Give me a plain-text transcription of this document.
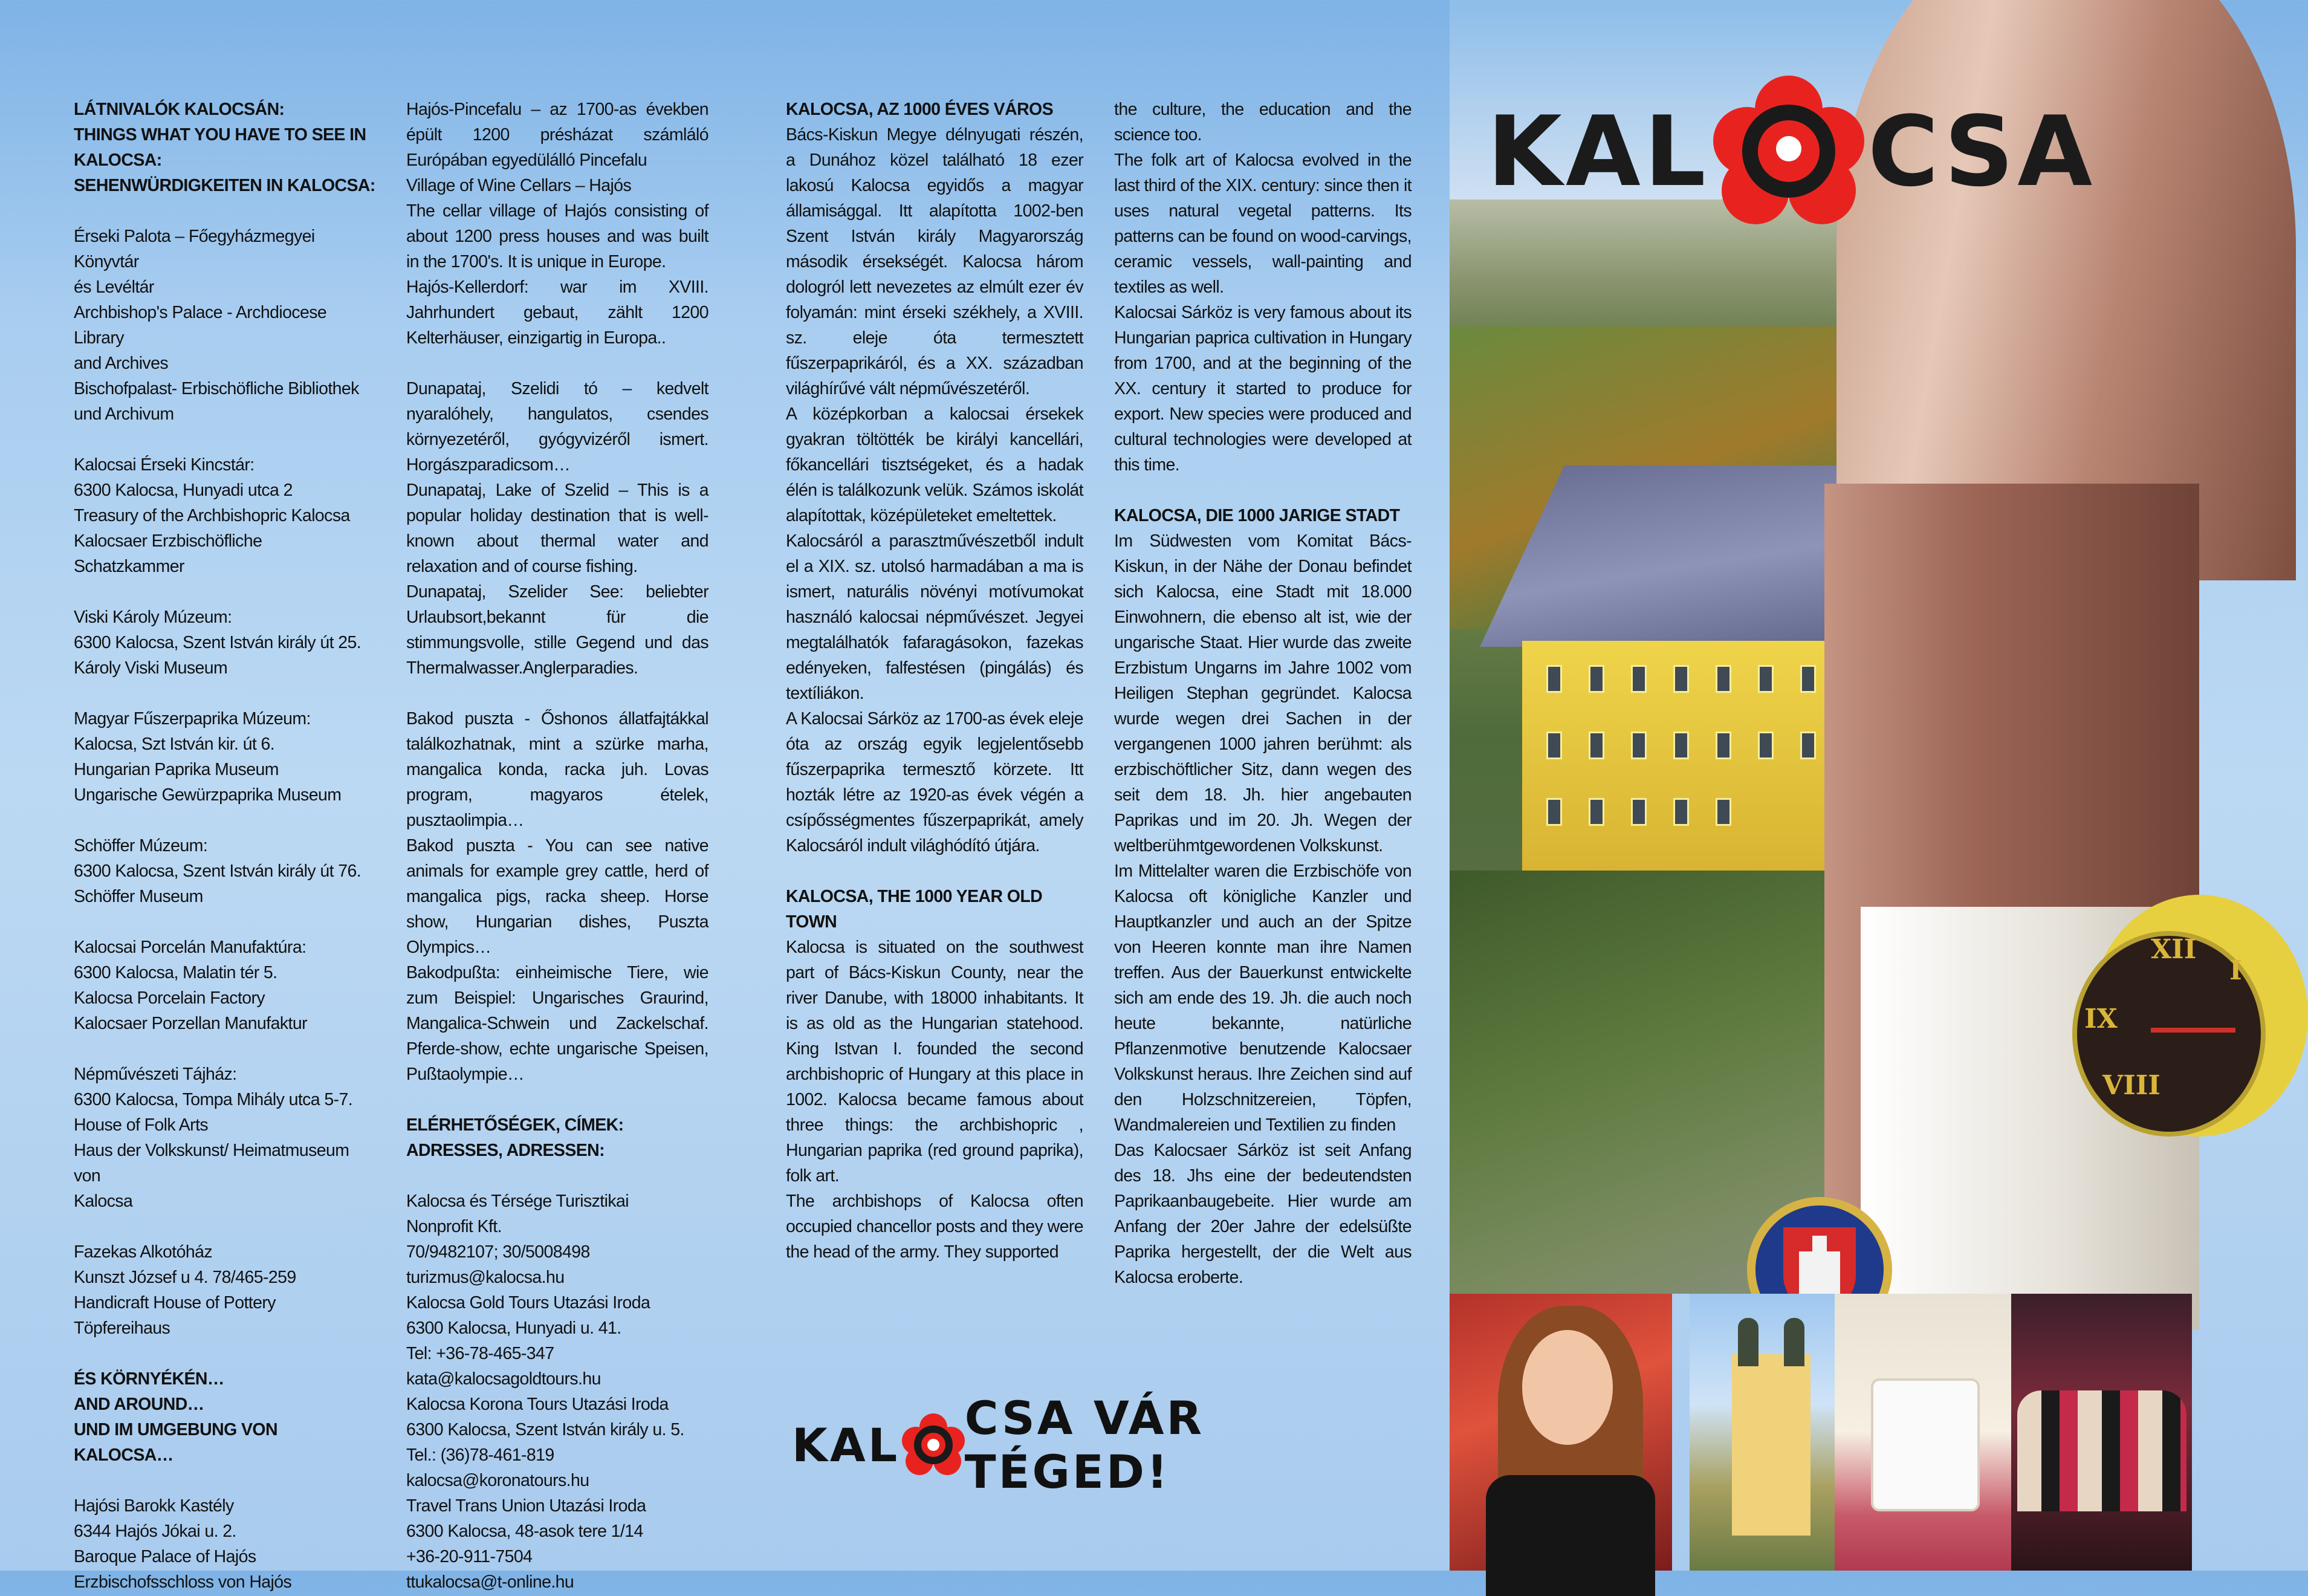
LÁTNIVALÓK KALOCSÁN:

THINGS WHAT YOU HAVE TO SEE IN

KALOCSA:

SEHENWÜRDIGKEITEN IN KALOCSA:

Érseki Palota – Főegyházmegyei Könyvtár

és Levéltár

Archbishop's Palace - Archdiocese Library

and Archives

Bischofpalast- Erbischöfliche Bibliothek

und Archivum

Kalocsai Érseki Kincstár:

6300 Kalocsa, Hunyadi utca 2

Treasury of the Archbishopric Kalocsa

Kalocsaer Erzbischöfliche Schatzkammer

Viski Károly Múzeum:

6300 Kalocsa, Szent István király út 25.

Károly Viski Museum

Magyar Fűszerpaprika Múzeum:

Kalocsa, Szt István kir. út 6.

Hungarian Paprika Museum

Ungarische Gewürzpaprika Museum

Schöffer Múzeum:

6300 Kalocsa, Szent István király út 76.

Schöffer Museum

Kalocsai Porcelán Manufaktúra:

6300 Kalocsa, Malatin tér 5.

Kalocsa Porcelain Factory

Kalocsaer Porzellan Manufaktur

Népművészeti Tájház:

6300 Kalocsa, Tompa Mihály utca 5-7.

House of Folk Arts

Haus der Volkskunst/ Heimatmuseum von

Kalocsa

Fazekas Alkotóház

Kunszt József u 4. 78/465-259

Handicraft House of Pottery

Töpfereihaus

ÉS KÖRNYÉKÉN…

AND AROUND…

UND IM UMGEBUNG VON KALOCSA…

Hajósi Barokk Kastély

6344 Hajós Jókai u. 2.

Baroque Palace of Hajós

Erzbischofsschloss von Hajós

Hajós-Pincefalu – az 1700-as években épült 1200 présházat számláló Európában egyedülálló Pincefalu

Village of Wine Cellars – Hajós

The cellar village of Hajós consisting of about 1200 press houses and was built in the 1700's. It is unique in Europe.

Hajós-Kellerdorf: war im XVIII. Jahrhundert gebaut, zählt 1200 Kelterhäuser, einzigartig in Europa..

Dunapataj, Szelidi tó – kedvelt nyaralóhely, hangulatos, csendes környezetéről, gyógyvizéről ismert. Horgászparadicsom…

Dunapataj, Lake of Szelid – This is a popular holiday destination that is well-known about thermal water and relaxation and of course fishing.

Dunapataj, Szelider See: beliebter Urlaubsort,bekannt für die stimmungsvolle, stille Gegend und das Thermalwasser.Anglerparadies.

Bakod puszta - Őshonos állatfajtákkal találkozhatnak, mint a szürke marha, mangalica konda, racka juh. Lovas program, magyaros ételek, pusztaolimpia…

Bakod puszta - You can see native animals for example grey cattle, herd of mangalica pigs, racka sheep. Horse show, Hungarian dishes, Puszta Olympics…

Bakodpußta: einheimische Tiere, wie zum Beispiel: Ungarisches Graurind, Mangalica-Schwein und Zackelschaf. Pferde-show, echte ungarische Speisen, Pußtaolympie…

ELÉRHETŐSÉGEK, CÍMEK:

ADRESSES, ADRESSEN:

Kalocsa és Térsége Turisztikai

Nonprofit Kft.

70/9482107; 30/5008498

turizmus@kalocsa.hu

Kalocsa Gold Tours Utazási Iroda

6300 Kalocsa, Hunyadi u. 41.

Tel: +36-78-465-347

kata@kalocsagoldtours.hu

Kalocsa Korona Tours Utazási Iroda

6300 Kalocsa, Szent István király u. 5.

Tel.: (36)78-461-819

kalocsa@koronatours.hu

Travel Trans Union Utazási Iroda

6300 Kalocsa, 48-asok tere 1/14

+36-20-911-7504

ttukalocsa@t-online.hu

KALOCSA, AZ 1000 ÉVES VÁROS

Bács-Kiskun Megye délnyugati részén, a Dunához közel található 18 ezer lakosú Kalocsa egyidős a magyar államisággal. Itt alapította 1002-ben Szent István király Magyarország második érsekségét. Kalocsa három dologról lett nevezetes az elmúlt ezer év folyamán: mint érseki székhely, a XVIII. sz. eleje óta termesztett fűszerpaprikáról, és a XX. században világhírűvé vált népművészetéről.

A középkorban a kalocsai érsekek gyakran töltötték be királyi kancellári, főkancellári tisztségeket, és a hadak élén is találkozunk velük. Számos iskolát alapítottak, középületeket emeltettek.

Kalocsáról a parasztművészetből indult el a XIX. sz. utolsó harmadában a ma is ismert, naturális növényi motívumokat használó kalocsai népművészet. Jegyei megtalálhatók fafaragásokon, fazekas edényeken, falfestésen (pingálás) és textíliákon.

A Kalocsai Sárköz az 1700-as évek eleje óta az ország egyik legjelentősebb fűszerpaprika termesztő körzete. Itt hozták létre az 1920-as évek végén a csípősségmentes fűszerpaprikát, amely Kalocsáról indult világhódító útjára.

KALOCSA, THE 1000 YEAR OLD TOWN

Kalocsa is situated on the southwest part of Bács-Kiskun County, near the river Danube, with 18000 inhabitants. It is as old as the Hungarian statehood. King Istvan I. founded the second archbishopric of Hungary at this place in 1002. Kalocsa became famous about three things: the archbishopric , Hungarian paprika (red ground paprika), folk art.

The archbishops of Kalocsa often occupied chancellor posts and they were the head of the army. They supported

the culture, the education and the science too.

The folk art of Kalocsa evolved in the last third of the XIX. century: since then it uses natural vegetal patterns. Its patterns can be found on wood-carvings, ceramic vessels, wall-painting and textiles as well.

Kalocsai Sárköz is very famous about its Hungarian paprica cultivation in Hungary from 1700, and at the beginning of the XX. century it started to produce for export. New species were produced and cultural technologies were developed at this time.

KALOCSA, DIE 1000 JARIGE STADT

Im Südwesten vom Komitat Bács-Kiskun, in der Nähe der Donau befindet sich Kalocsa, eine Stadt mit 18.000 Einwohnern, die ebenso alt ist, wie der ungarische Staat. Hier wurde das zweite Erzbistum Ungarns im Jahre 1002 vom Heiligen Stephan gegründet. Kalocsa wurde wegen drei Sachen in der vergangenen 1000 jahren berühmt: als erzbischöftlicher Sitz, dann wegen des seit dem 18. Jh. hier angebauten Paprikas und im 20. Jh. Wegen der weltberühmtgewordenen Volkskunst.

Im Mittelalter waren die Erzbischöfe von Kalocsa oft königliche Kanzler und Hauptkanzler und auch an der Spitze von Heeren konnte man ihre Namen treffen. Aus der Bauerkunst entwickelte sich am ende des 19. Jh. die auch noch heute bekannte, natürliche Pflanzenmotive benutzende Kalocsaer Volkskunst heraus. Ihre Zeichen sind auf den Holzschnitzereien, Töpfen, Wandmalereien und Textilien zu finden

Das Kalocsaer Sárköz ist seit Anfang des 18. Jhs eine der bedeutendsten Paprikaanbaugebeite. Hier wurde am Anfang der 20er Jahre der edelsüßte Paprika hergestellt, der die Welt aus Kalocsa eroberte.

KAL CSA VÁR TÉGED!
XII
IX
VIII
I
KAL CSA
